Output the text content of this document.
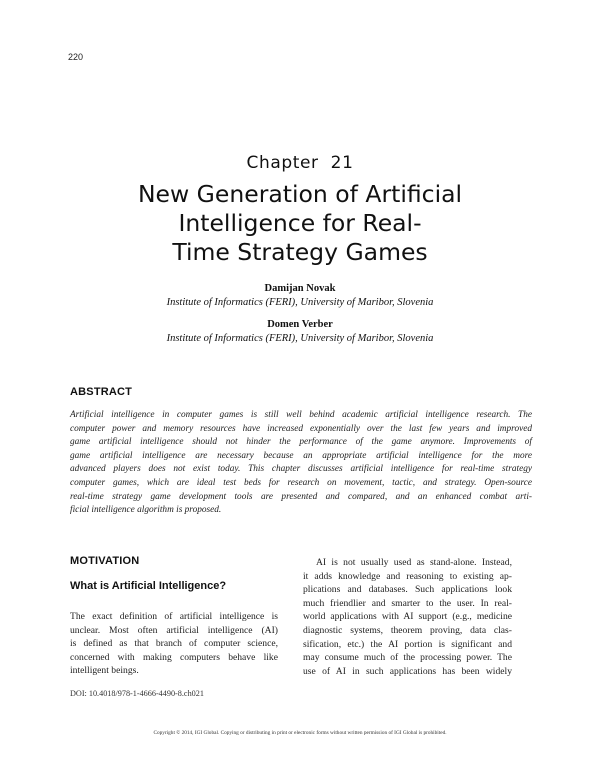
220
Chapter  21
New Generation of Artificial
Intelligence for Real-
Time Strategy Games
Damijan Novak
Institute of Informatics (FERI), University of Maribor, Slovenia
Domen Verber
Institute of Informatics (FERI), University of Maribor, Slovenia
ABSTRACT
Artificial intelligence in computer games is still well behind academic artificial intelligence research. The
computer power and memory resources have increased exponentially over the last few years and improved
game artificial intelligence should not hinder the performance of the game anymore. Improvements of
game artificial intelligence are necessary because an appropriate artificial intelligence for the more
advanced players does not exist today. This chapter discusses artificial intelligence for real-time strategy
computer games, which are ideal test beds for research on movement, tactic, and strategy. Open-source
real-time strategy game development tools are presented and compared, and an enhanced combat arti-
ficial intelligence algorithm is proposed.
MOTIVATION
What is Artificial Intelligence?
The exact definition of artificial intelligence is
unclear. Most often artificial intelligence (AI)
is defined as that branch of computer science,
concerned with making computers behave like
intelligent beings.
AI is not usually used as stand-alone. Instead,
it adds knowledge and reasoning to existing ap-
plications and databases. Such applications look
much friendlier and smarter to the user. In real-
world applications with AI support (e.g., medicine
diagnostic systems, theorem proving, data clas-
sification, etc.) the AI portion is significant and
may consume much of the processing power. The
use of AI in such applications has been widely
DOI: 10.4018/978-1-4666-4490-8.ch021
Copyright © 2014, IGI Global. Copying or distributing in print or electronic forms without written permission of IGI Global is prohibited.
